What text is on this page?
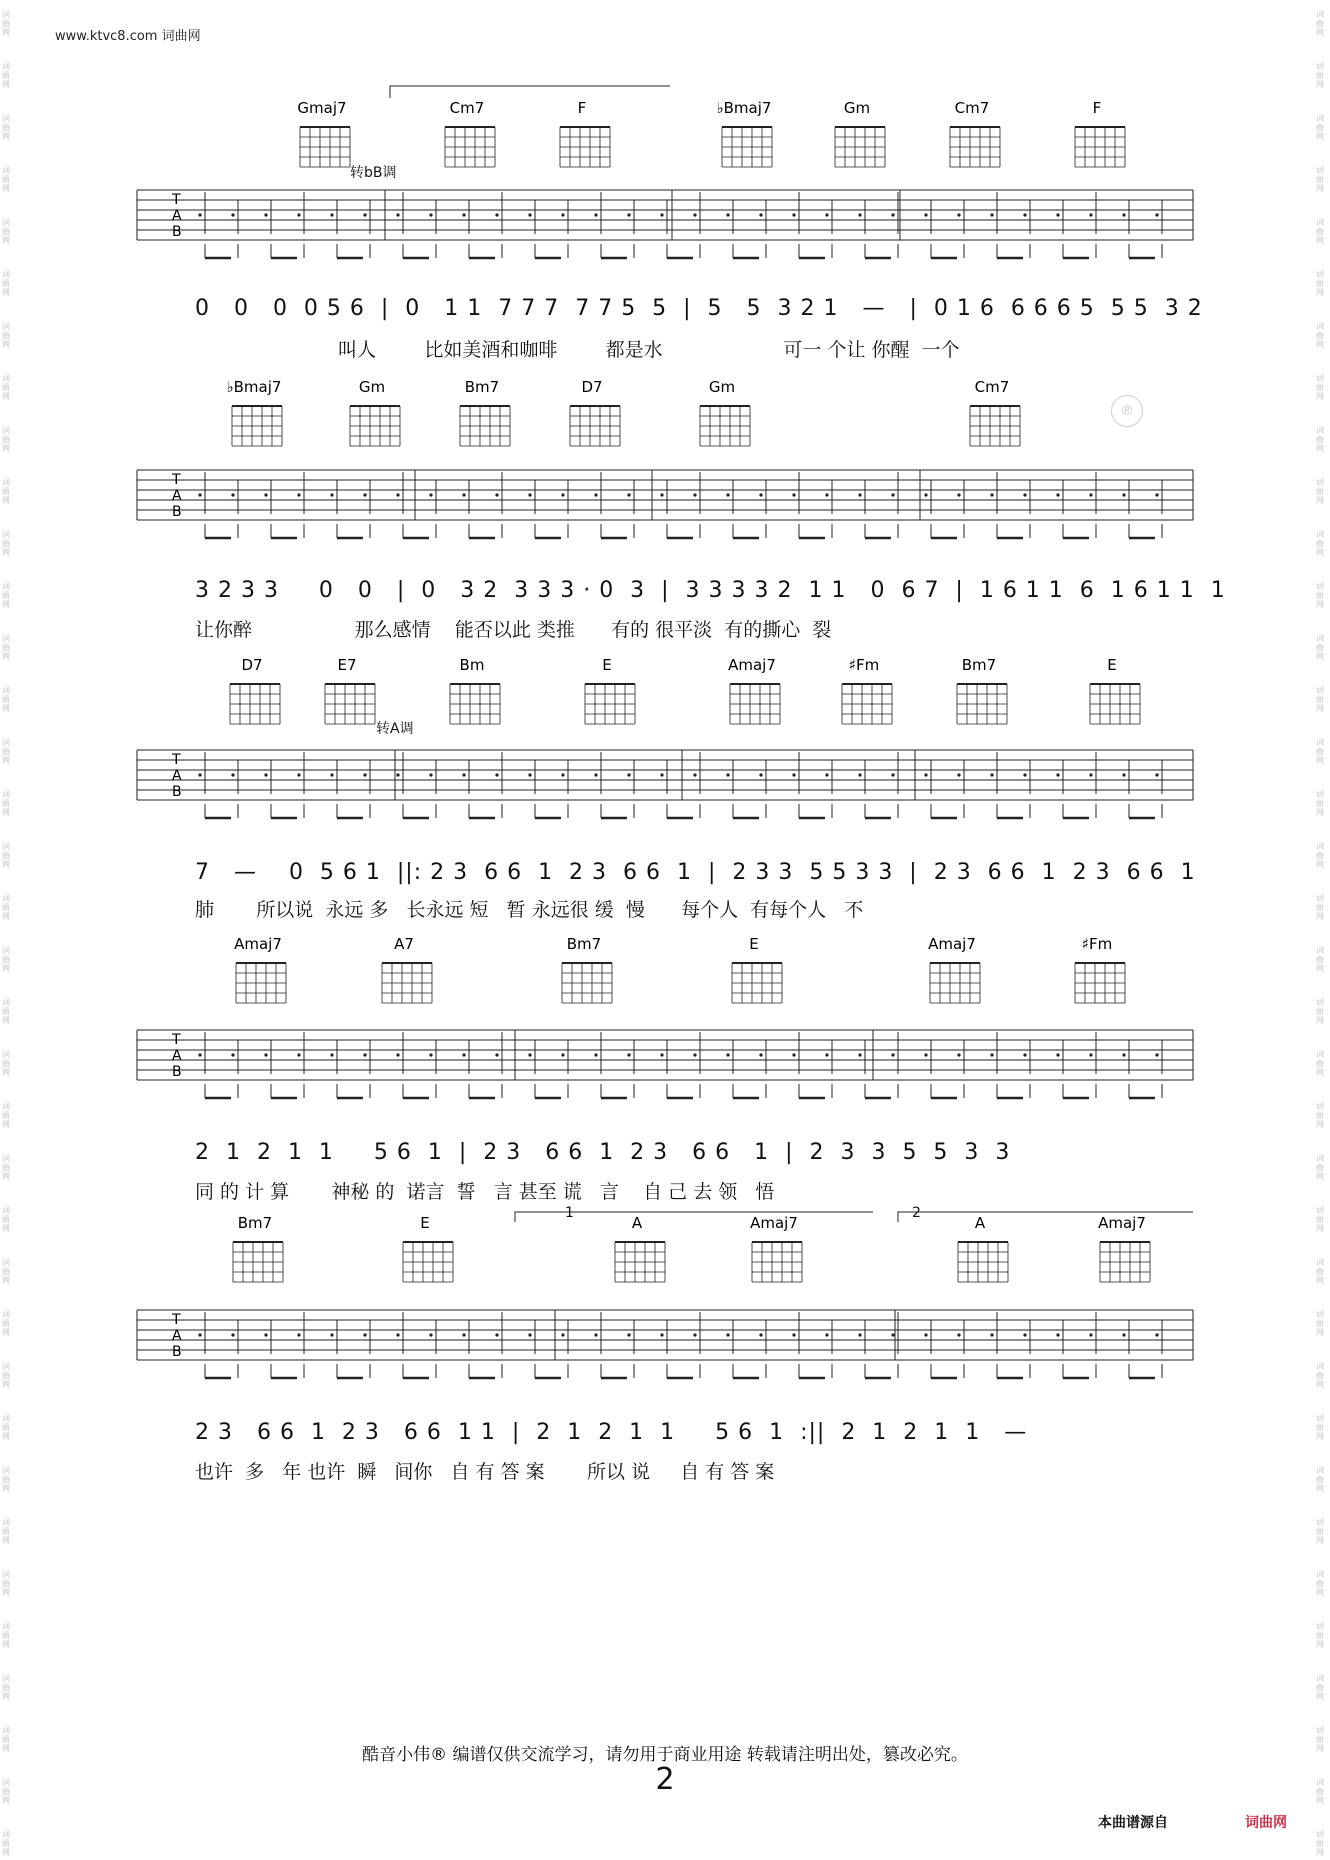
www.ktvc8.com 词曲网
词曲网
词曲网
词曲网
词曲网
词曲网
词曲网
词曲网
词曲网
词曲网
词曲网
词曲网
词曲网
词曲网
词曲网
词曲网
词曲网
词曲网
词曲网
词曲网
词曲网
词曲网
词曲网
词曲网
词曲网
词曲网
词曲网
词曲网
词曲网
词曲网
词曲网
词曲网
词曲网
词曲网
词曲网
词曲网
词曲网
词曲网
词曲网
词曲网
词曲网
词曲网
词曲网
词曲网
词曲网
词曲网
词曲网
词曲网
词曲网
词曲网
词曲网
词曲网
词曲网
词曲网
词曲网
词曲网
词曲网
词曲网
词曲网
词曲网
词曲网
词曲网
词曲网
词曲网
词曲网
词曲网
词曲网
词曲网
词曲网
词曲网
词曲网
词曲网
词曲网
®
T
A
B
Gmaj7	Cm7	F	♭Bmaj7	Gm	Cm7	F
T
A
B
♭Bmaj7	Gm	Bm7	D7	Gm	Cm7
T
A
B
D7	E7	Bm	E	Amaj7	♯Fm	Bm7	E
T
A
B
Amaj7	A7	Bm7	E	Amaj7	♯Fm
T
A
B
Bm7	E	A	Amaj7	A	Amaj7
转bB调
0   0   0  0 5 6  |  0   1 1  7 7 7  7 7 5  5  |  5   5  3 2 1   —   |  0 1 6  6 6 6 5  5 5  3 2
叫人        比如美酒和咖啡        都是水                    可一 个让 你醒  一个
3 2 3 3     0   0   |  0   3 2  3 3 3 · 0  3  |  3 3 3 3 2  1 1   0  6 7  |  1 6 1 1  6  1 6 1 1  1
让你醉                 那么感情    能否以此 类推      有的 很平淡  有的撕心  裂
转A调
7   —    0  5 6 1  ||: 2 3  6 6  1  2 3  6 6  1  |  2 3 3  5 5 3 3  |  2 3  6 6  1  2 3  6 6  1
肺       所以说  永远 多   长永远 短   暂 永远很 缓  慢      每个人  有每个人   不
2  1  2  1  1     5 6  1  |  2 3   6 6  1  2 3   6 6   1  |  2  3  3  5  5  3  3
同 的 计 算       神秘 的  诺言  誓   言 甚至 谎   言    自 己 去 领   悟
1	2
2 3   6 6  1  2 3   6 6  1 1  |  2  1  2  1  1     5 6  1  :||  2  1  2  1  1   —
也许  多   年 也许  瞬   间你   自 有 答 案       所以 说     自 有 答 案
酷音小伟® 编谱仅供交流学习，请勿用于商业用途 转载请注明出处，篡改必究。
2
本曲谱源自	词曲网
